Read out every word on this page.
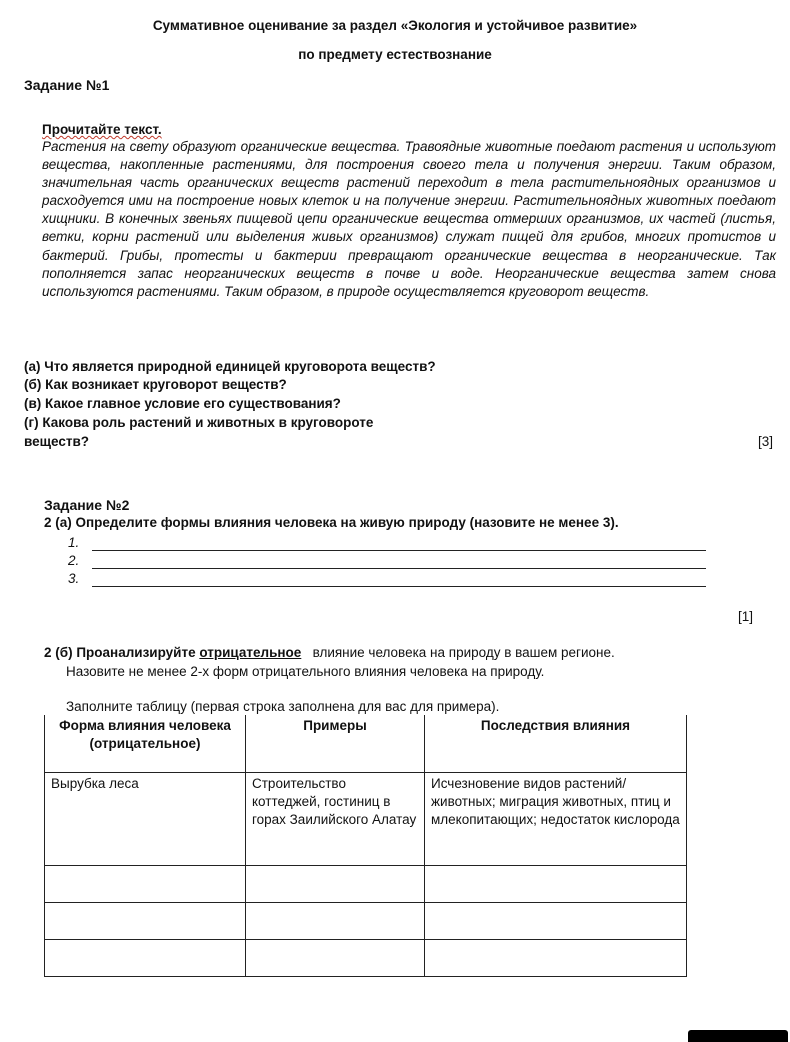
Суммативное оценивание за раздел «Экология и устойчивое развитие»
по предмету естествознание
Задание №1
Прочитайте текст.
Растения на свету образуют органические вещества. Травоядные животные поедают растения и используют вещества, накопленные растениями, для построения своего тела и получения энергии. Таким образом, значительная часть органических веществ растений переходит в тела растительноядных организмов и расходуется ими на построение новых клеток и на получение энергии. Растительноядных животных поедают хищники. В конечных звеньях пищевой цепи органические вещества отмерших организмов, их частей (листья, ветки, корни растений или выделения живых организмов) служат пищей для грибов, многих протистов и бактерий. Грибы, протесты и бактерии превращают органические вещества в неорганические. Так пополняется запас неорганических веществ в почве и воде. Неорганические вещества затем снова используются растениями. Таким образом, в природе осуществляется круговорот веществ.
(а) Что является природной единицей круговорота веществ?
(б) Как возникает круговорот веществ?
(в) Какое главное условие его существования?
(г) Какова роль растений и животных в круговороте
веществ?	[3]
Задание №2
2 (а) Определите формы влияния человека на живую природу (назовите не менее 3).
1.
2.
3.
[1]
2 (б) Проанализируйте отрицательное влияние человека на природу в вашем регионе.
Назовите не менее 2-х форм отрицательного влияния человека на природу.
Заполните таблицу (первая строка заполнена для вас для примера).
Форма влияния человека (отрицательное)	Примеры	Последствия влияния
Вырубка леса	Строительство коттеджей, гостиниц в горах Заилийского Алатау	Исчезновение видов растений/животных; миграция животных, птиц и млекопитающих; недостаток кислорода
